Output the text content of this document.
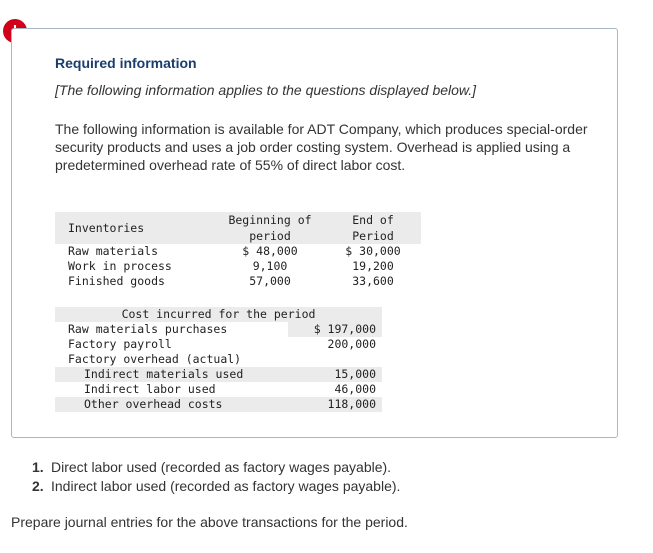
Required information
[The following information applies to the questions displayed below.]
The following information is available for ADT Company, which produces special-order security products and uses a job order costing system. Overhead is applied using a predetermined overhead rate of 55% of direct labor cost.
Inventories	Beginning of	End of
	period	Period
Raw materials	$ 48,000	$ 30,000
Work in process	9,100	19,200
Finished goods	57,000	33,600
Cost incurred for the period	
Raw materials purchases	$ 197,000
Factory payroll	200,000
Factory overhead (actual)	
Indirect materials used	15,000
Indirect labor used	46,000
Other overhead costs	118,000
1. Direct labor used (recorded as factory wages payable).
2. Indirect labor used (recorded as factory wages payable).
Prepare journal entries for the above transactions for the period.
